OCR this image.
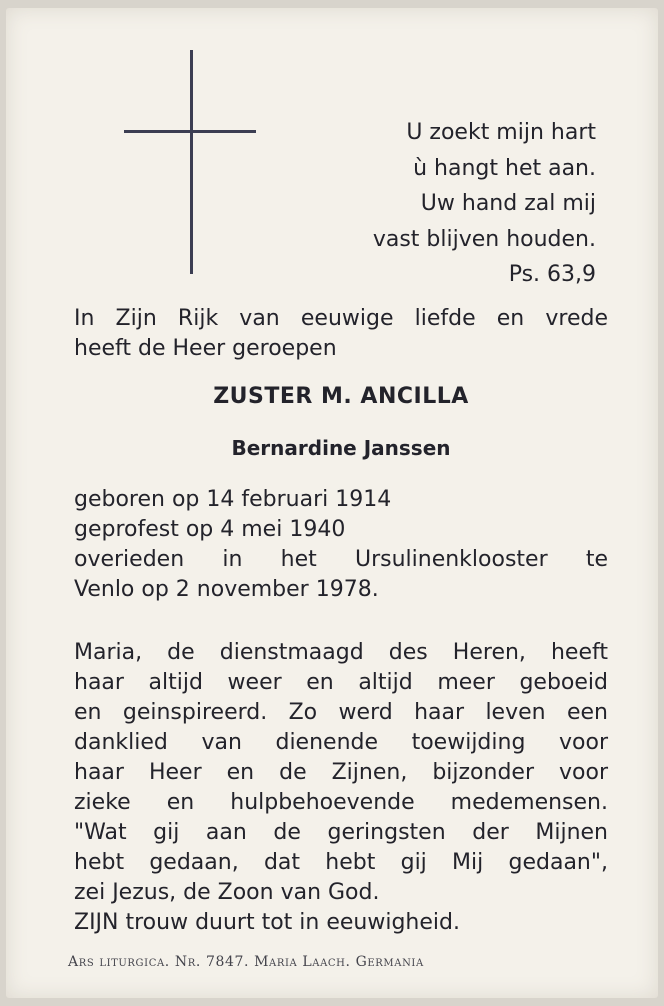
U zoekt mijn hart
ù hangt het aan.
Uw hand zal mij
vast blijven houden.
Ps. 63,9
In Zijn Rijk van eeuwige liefde en vrede
heeft de Heer geroepen
ZUSTER M. ANCILLA
Bernardine Janssen
geboren op 14 februari 1914
geprofest op 4 mei 1940
overieden in het Ursulinenklooster te
Venlo op 2 november 1978.
Maria, de dienstmaagd des Heren, heeft
haar altijd weer en altijd meer geboeid
en geinspireerd. Zo werd haar leven een
danklied van dienende toewijding voor
haar Heer en de Zijnen, bijzonder voor
zieke en hulpbehoevende medemensen.
"Wat gij aan de geringsten der Mijnen
hebt gedaan, dat hebt gij Mij gedaan",
zei Jezus, de Zoon van God.
ZIJN trouw duurt tot in eeuwigheid.
Ars liturgica. Nr. 7847. Maria Laach. Germania
